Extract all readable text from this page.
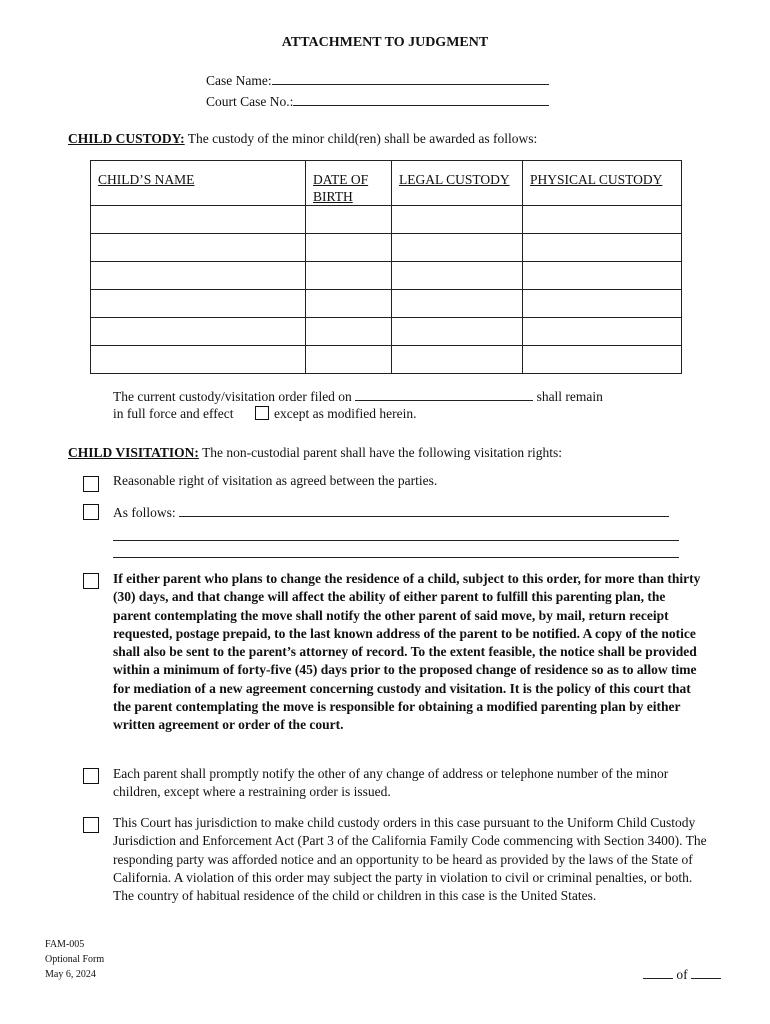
ATTACHMENT TO JUDGMENT
Case Name:
Court Case No.:
CHILD CUSTODY: The custody of the minor child(ren) shall be awarded as follows:
CHILD’S NAME	DATE OF BIRTH	LEGAL CUSTODY	PHYSICAL CUSTODY

The current custody/visitation order filed on	shall remain
in full force and effect	except as modified herein.
CHILD VISITATION: The non-custodial parent shall have the following visitation rights:
Reasonable right of visitation as agreed between the parties.
As follows:
If either parent who plans to change the residence of a child, subject to this order, for more than thirty (30) days, and that change will affect the ability of either parent to fulfill this parenting plan, the parent contemplating the move shall notify the other parent of said move, by mail, return receipt requested, postage prepaid, to the last known address of the parent to be notified. A copy of the notice shall also be sent to the parent’s attorney of record. To the extent feasible, the notice shall be provided within a minimum of forty-five (45) days prior to the proposed change of residence so as to allow time for mediation of a new agreement concerning custody and visitation. It is the policy of this court that the parent contemplating the move is responsible for obtaining a modified parenting plan by either written agreement or order of the court.
Each parent shall promptly notify the other of any change of address or telephone number of the minor children, except where a restraining order is issued.
This Court has jurisdiction to make child custody orders in this case pursuant to the Uniform Child Custody Jurisdiction and Enforcement Act (Part 3 of the California Family Code commencing with Section 3400). The responding party was afforded notice and an opportunity to be heard as provided by the laws of the State of California. A violation of this order may subject the party in violation to civil or criminal penalties, or both. The country of habitual residence of the child or children in this case is the United States.
FAM-005
Optional Form
May 6, 2024	of
